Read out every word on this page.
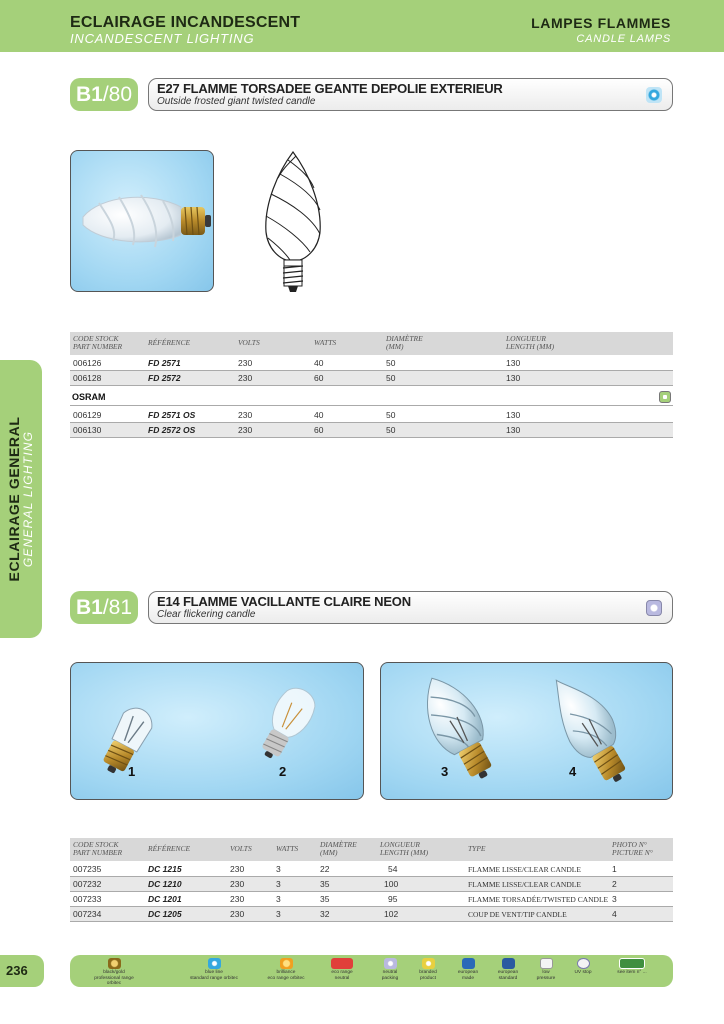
ECLAIRAGE INCANDESCENT
INCANDESCENT LIGHTING
LAMPES FLAMMES
CANDLE LAMPS
ECLAIRAGE GENERAL GENERAL LIGHTING
B1/80	E27 FLAMME TORSADEE GEANTE DEPOLIE EXTERIEUR
Outside frosted giant twisted candle
CODE STOCK
PART NUMBER	RÉFÉRENCE	VOLTS	WATTS	DIAMÈTRE
(MM)
LONGUEUR
LENGTH (MM)
006126	FD 2571	230	40	50	130
006128	FD 2572	230	60	50	130
OSRAM
006129	FD 2571 OS	230	40	50	130
006130	FD 2572 OS	230	60	50	130
B1/81	E14 FLAMME VACILLANTE CLAIRE NEON
Clear flickering candle
1	2	3	4
CODE STOCK
PART NUMBER	RÉFÉRENCE	VOLTS	WATTS	DIAMÈTRE
(MM)
LONGUEUR
LENGTH (MM)	TYPE	PHOTO N°
PICTURE N°
007235	DC 1215	230	3	22	54	FLAMME LISSE/CLEAR CANDLE	1
007232	DC 1210	230	3	35	100	FLAMME LISSE/CLEAR CANDLE	2
007233	DC 1201	230	3	35	95	FLAMME TORSADÉE/TWISTED CANDLE 3
007234	DC 1205	230	3	32	102	COUP DE VENT/TIP CANDLE	4
236	black/gold
professional range orbitec
blue line
standard range orbitec
brilliance
eco range orbitec
eco range
neutral
neutral
packing
branded
product
european
made
european
standard
low
pressure
UV stop	see item n° ...
